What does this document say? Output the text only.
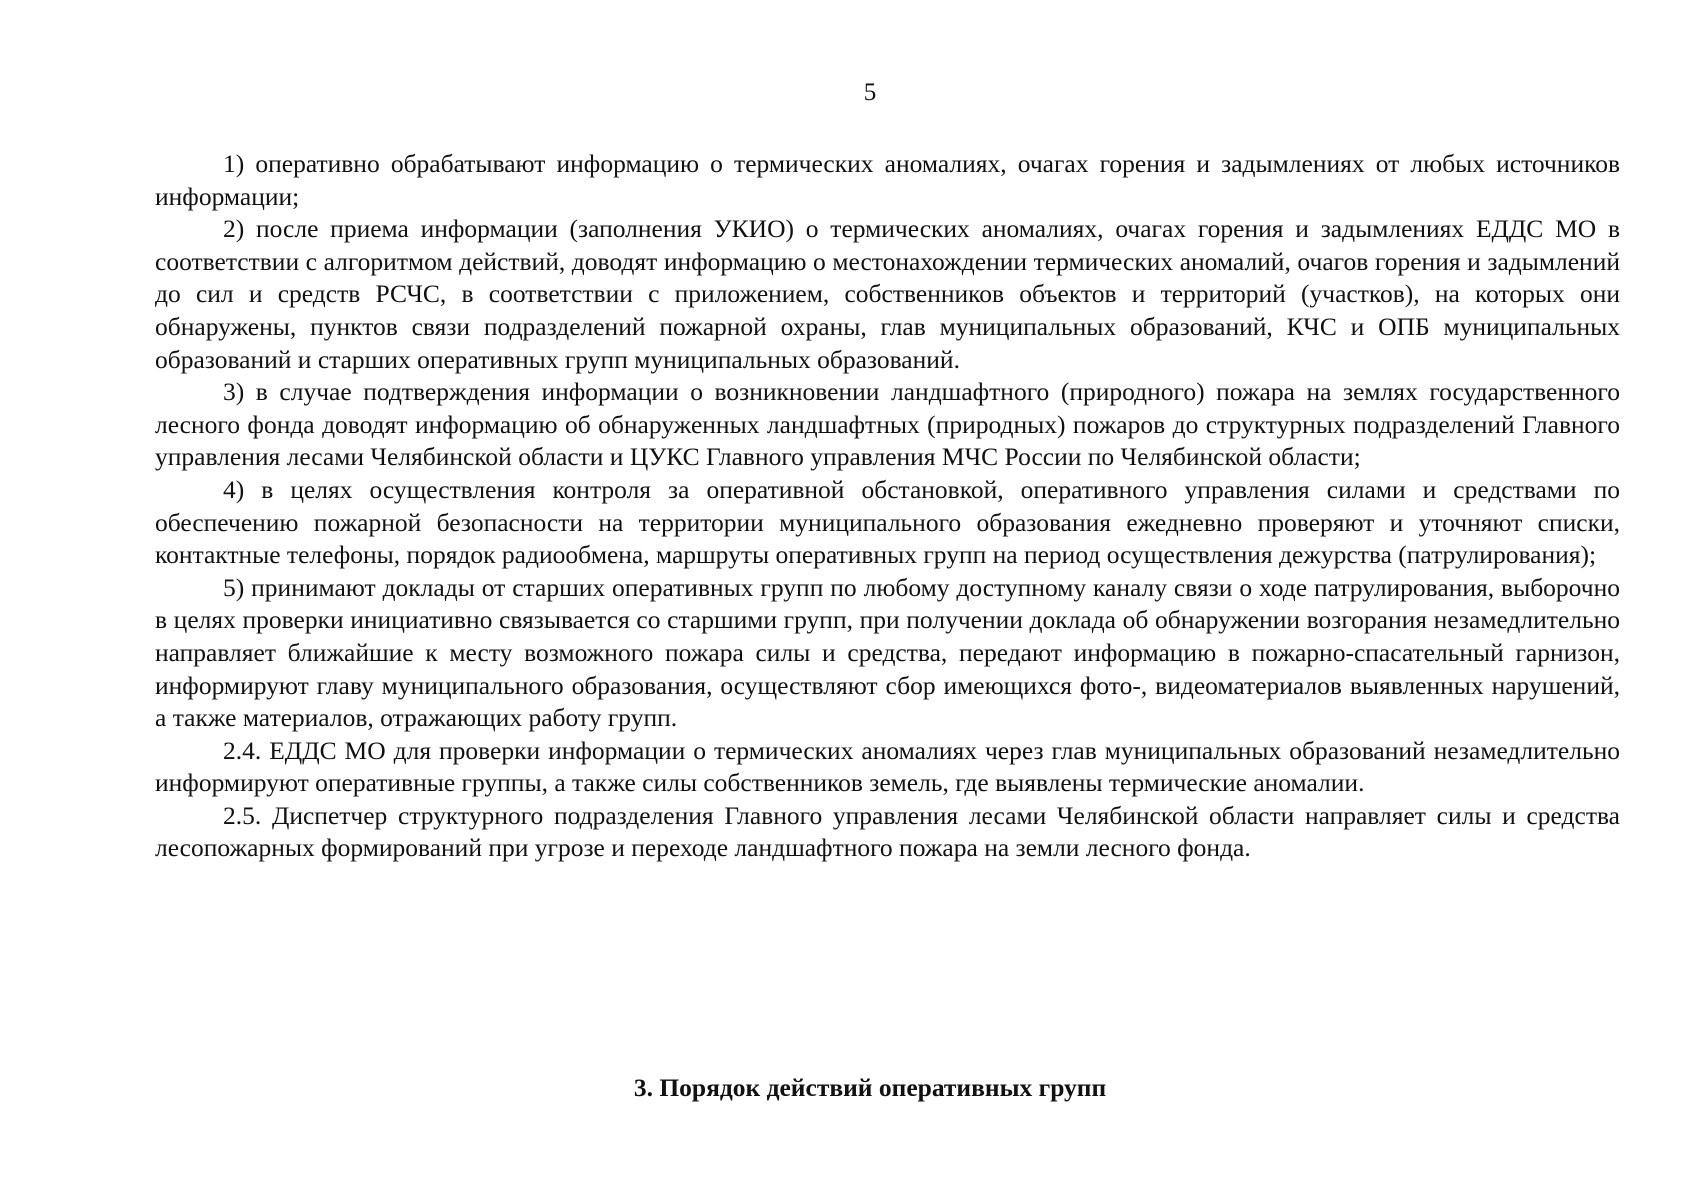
5

1) оперативно обрабатывают информацию о термических аномалиях, очагах горения и задымлениях от любых источников информации;

2) после приема информации (заполнения УКИО) о термических аномалиях, очагах горения и задымлениях ЕДДС МО в соответствии с алгоритмом действий, доводят информацию о местонахождении термических аномалий, очагов горения и задымлений до сил и средств РСЧС, в соответствии с приложением, собственников объектов и территорий (участков), на которых они обнаружены, пунктов связи подразделений пожарной охраны, глав муниципальных образований, КЧС и ОПБ муниципальных образований и старших оперативных групп муниципальных образований.

3) в случае подтверждения информации о возникновении ландшафтного (природного) пожара на землях государственного лесного фонда доводят информацию об обнаруженных ландшафтных (природных) пожаров до структурных подразделений Главного управления лесами Челябинской области и ЦУКС Главного управления МЧС России по Челябинской области;

4) в целях осуществления контроля за оперативной обстановкой, оперативного управления силами и средствами по обеспечению пожарной безопасности на территории муниципального образования ежедневно проверяют и уточняют списки, контактные телефоны, порядок радиообмена, маршруты оперативных групп на период осуществления дежурства (патрулирования);

5) принимают доклады от старших оперативных групп по любому доступному каналу связи о ходе патрулирования, выборочно в целях проверки инициативно связывается со старшими групп, при получении доклада об обнаружении возгорания незамедлительно направляет ближайшие к месту возможного пожара силы и средства, передают информацию в пожарно-спасательный гарнизон, информируют главу муниципального образования, осуществляют сбор имеющихся фото-, видеоматериалов выявленных нарушений, а также материалов, отражающих работу групп.

2.4. ЕДДС МО для проверки информации о термических аномалиях через глав муниципальных образований незамедлительно информируют оперативные группы, а также силы собственников земель, где выявлены термические аномалии.

2.5. Диспетчер структурного подразделения Главного управления лесами Челябинской области направляет силы и средства лесопожарных формирований при угрозе и переходе ландшафтного пожара на земли лесного фонда.

3. Порядок действий оперативных групп
